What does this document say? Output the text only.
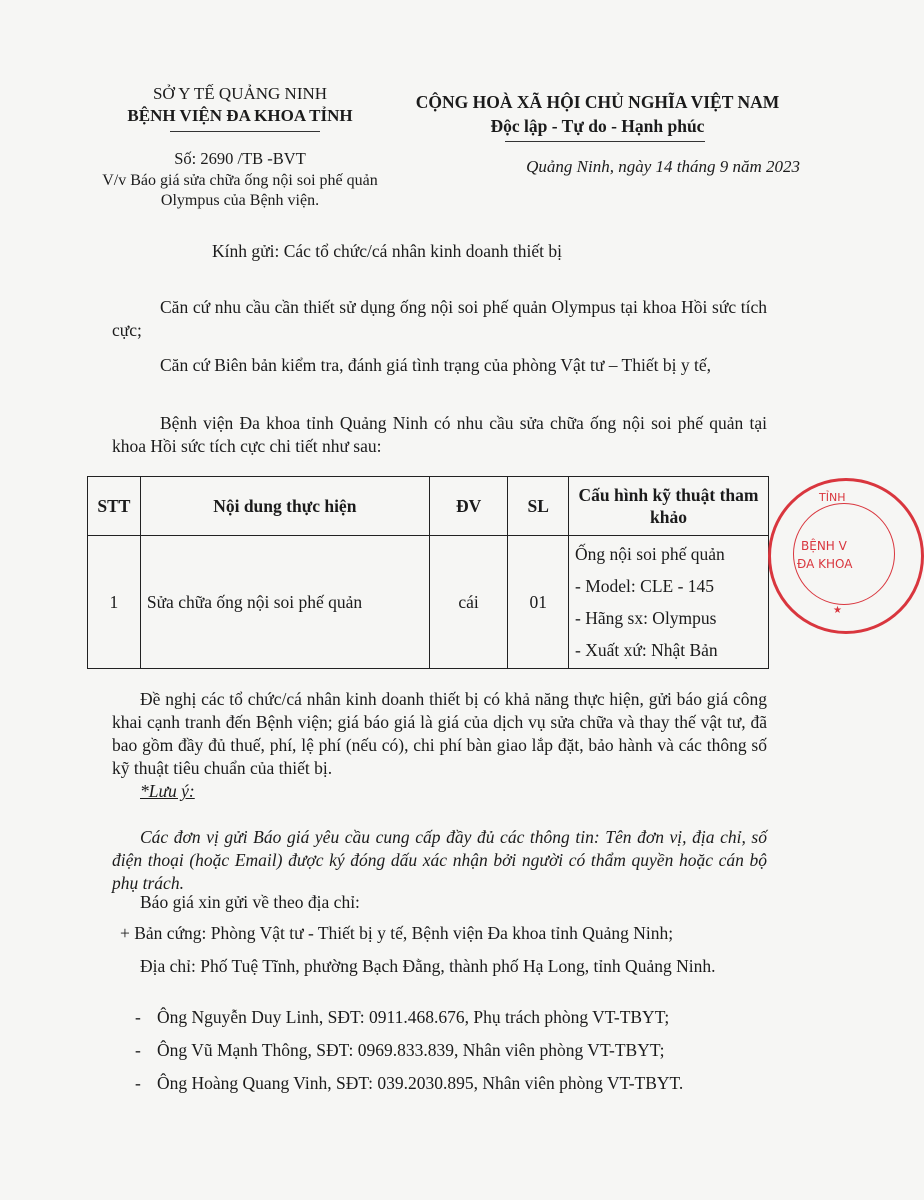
SỞ Y TẾ QUẢNG NINH
BỆNH VIỆN ĐA KHOA TỈNH
Số: 2690 /TB -BVT
V/v Báo giá sửa chữa ống nội soi phế quản
Olympus của Bệnh viện.
CỘNG HOÀ XÃ HỘI CHỦ NGHĨA VIỆT NAM
Độc lập - Tự do - Hạnh phúc
Quảng Ninh, ngày 14 tháng 9 năm 2023
Kính gửi: Các tổ chức/cá nhân kinh doanh thiết bị
Căn cứ nhu cầu cần thiết sử dụng ống nội soi phế quản Olympus tại khoa Hồi sức tích cực;
Căn cứ Biên bản kiểm tra, đánh giá tình trạng của phòng Vật tư – Thiết bị y tế,
Bệnh viện Đa khoa tỉnh Quảng Ninh có nhu cầu sửa chữa ống nội soi phế quản tại khoa Hồi sức tích cực chi tiết như sau:
STT	Nội dung thực hiện	ĐV	SL	Cấu hình kỹ thuật tham khảo
1	Sửa chữa ống nội soi phế quản	cái	01	Ống nội soi phế quản
- Model: CLE - 145
- Hãng sx: Olympus
- Xuất xứ: Nhật Bản
TỈNH
BỆNH V
ĐA KHOA
★
Đề nghị các tổ chức/cá nhân kinh doanh thiết bị có khả năng thực hiện, gửi báo giá công khai cạnh tranh đến Bệnh viện; giá báo giá là giá của dịch vụ sửa chữa và thay thế vật tư, đã bao gồm đầy đủ thuế, phí, lệ phí (nếu có), chi phí bàn giao lắp đặt, bảo hành và các thông số kỹ thuật tiêu chuẩn của thiết bị.
*Lưu ý:
Các đơn vị gửi Báo giá yêu cầu cung cấp đầy đủ các thông tin: Tên đơn vị, địa chỉ, số điện thoại (hoặc Email) được ký đóng dấu xác nhận bởi người có thẩm quyền hoặc cán bộ phụ trách.
Báo giá xin gửi về theo địa chỉ:
+ Bản cứng: Phòng Vật tư - Thiết bị y tế, Bệnh viện Đa khoa tỉnh Quảng Ninh;
Địa chỉ: Phố Tuệ Tĩnh, phường Bạch Đằng, thành phố Hạ Long, tỉnh Quảng Ninh.
- Ông Nguyễn Duy Linh, SĐT: 0911.468.676, Phụ trách phòng VT-TBYT;
- Ông Vũ Mạnh Thông, SĐT: 0969.833.839, Nhân viên phòng VT-TBYT;
- Ông Hoàng Quang Vinh, SĐT: 039.2030.895, Nhân viên phòng VT-TBYT.
